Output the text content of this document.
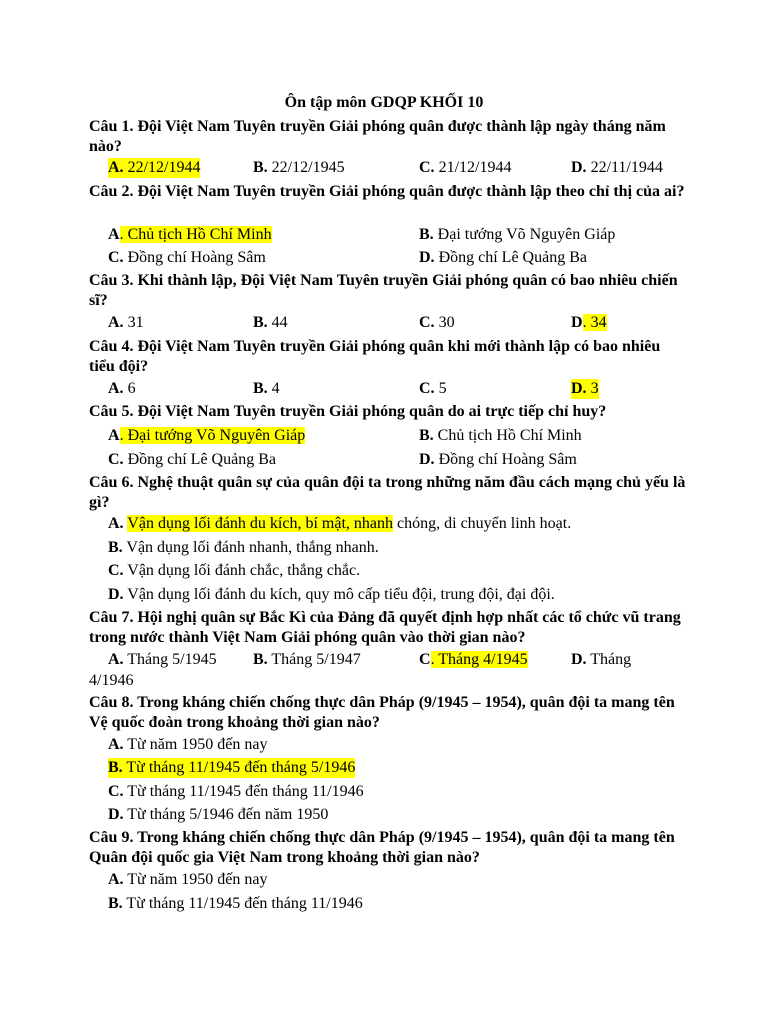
Ôn tập môn GDQP KHỐI 10
Câu 1. Đội Việt Nam Tuyên truyền Giải phóng quân được thành lập ngày tháng năm nào?
A. 22/12/1944	B. 22/12/1945	C. 21/12/1944	D. 22/11/1944
Câu 2. Đội Việt Nam Tuyên truyền Giải phóng quân được thành lập theo chỉ thị của ai?
A. Chủ tịch Hồ Chí Minh	B. Đại tướng Võ Nguyên Giáp
C. Đồng chí Hoàng Sâm	D. Đồng chí Lê Quảng Ba
Câu 3. Khi thành lập, Đội Việt Nam Tuyên truyền Giải phóng quân có bao nhiêu chiến sĩ?
A. 31	B. 44	C. 30	D. 34
Câu 4. Đội Việt Nam Tuyên truyền Giải phóng quân khi mới thành lập có bao nhiêu tiểu đội?
A. 6	B. 4	C. 5	D. 3
Câu 5. Đội Việt Nam Tuyên truyền Giải phóng quân do ai trực tiếp chỉ huy?
A. Đại tướng Võ Nguyên Giáp	B. Chủ tịch Hồ Chí Minh
C. Đồng chí Lê Quảng Ba	D. Đồng chí Hoàng Sâm
Câu 6. Nghệ thuật quân sự của quân đội ta trong những năm đầu cách mạng chủ yếu là gì?
A. Vận dụng lối đánh du kích, bí mật, nhanh chóng, di chuyển linh hoạt.
B. Vận dụng lối đánh nhanh, thắng nhanh.
C. Vận dụng lối đánh chắc, thắng chắc.
D. Vận dụng lối đánh du kích, quy mô cấp tiểu đội, trung đội, đại đội.
Câu 7. Hội nghị quân sự Bắc Kì của Đảng đã quyết định hợp nhất các tổ chức vũ trang trong nước thành Việt Nam Giải phóng quân vào thời gian nào?
A. Tháng 5/1945 B. Tháng 5/1947	C. Tháng 4/1945	D. Tháng
4/1946
Câu 8. Trong kháng chiến chống thực dân Pháp (9/1945 – 1954), quân đội ta mang tên Vệ quốc đoàn trong khoảng thời gian nào?
A. Từ năm 1950 đến nay
B. Từ tháng 11/1945 đến tháng 5/1946
C. Từ tháng 11/1945 đến tháng 11/1946
D. Từ tháng 5/1946 đến năm 1950
Câu 9. Trong kháng chiến chống thực dân Pháp (9/1945 – 1954), quân đội ta mang tên Quân đội quốc gia Việt Nam trong khoảng thời gian nào?
A. Từ năm 1950 đến nay
B. Từ tháng 11/1945 đến tháng 11/1946
